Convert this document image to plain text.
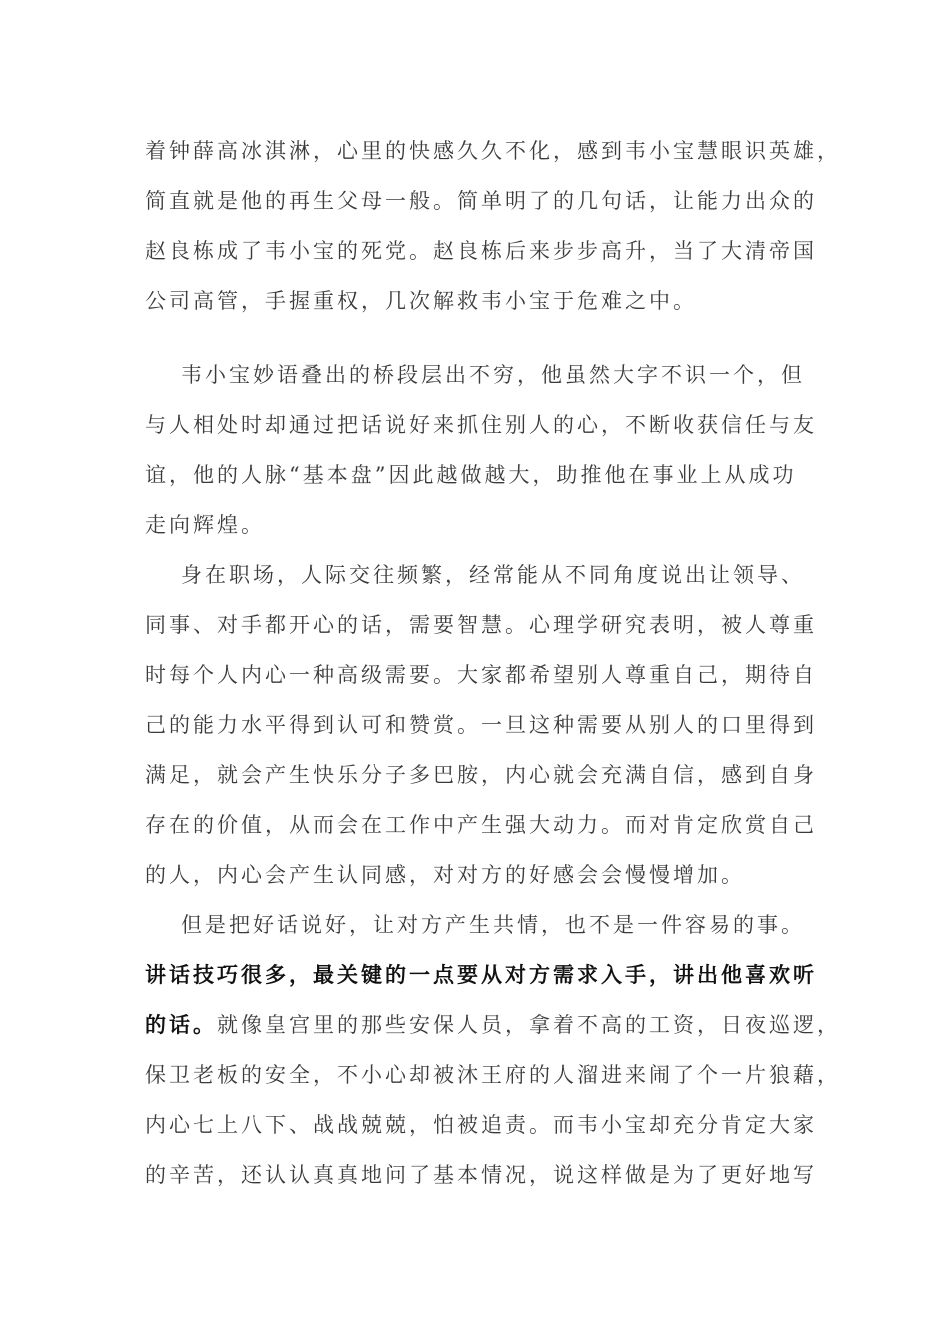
着钟薛高冰淇淋，心里的快感久久不化，感到韦小宝慧眼识英雄，
简直就是他的再生父母一般。简单明了的几句话，让能力出众的
赵良栋成了韦小宝的死党。赵良栋后来步步高升，当了大清帝国
公司高管，手握重权，几次解救韦小宝于危难之中。
韦小宝妙语叠出的桥段层出不穷，他虽然大字不识一个，但
与人相处时却通过把话说好来抓住别人的心，不断收获信任与友
谊，他的人脉“基本盘”因此越做越大，助推他在事业上从成功
走向辉煌。
身在职场，人际交往频繁，经常能从不同角度说出让领导、
同事、对手都开心的话，需要智慧。心理学研究表明，被人尊重
时每个人内心一种高级需要。大家都希望别人尊重自己，期待自
己的能力水平得到认可和赞赏。一旦这种需要从别人的口里得到
满足，就会产生快乐分子多巴胺，内心就会充满自信，感到自身
存在的价值，从而会在工作中产生强大动力。而对肯定欣赏自己
的人，内心会产生认同感，对对方的好感会会慢慢增加。
但是把好话说好，让对方产生共情，也不是一件容易的事。
讲话技巧很多，最关键的一点要从对方需求入手，讲出他喜欢听
的话。就像皇宫里的那些安保人员，拿着不高的工资，日夜巡逻，
保卫老板的安全，不小心却被沐王府的人溜进来闹了个一片狼藉，
内心七上八下、战战兢兢，怕被追责。而韦小宝却充分肯定大家
的辛苦，还认认真真地问了基本情况，说这样做是为了更好地写
